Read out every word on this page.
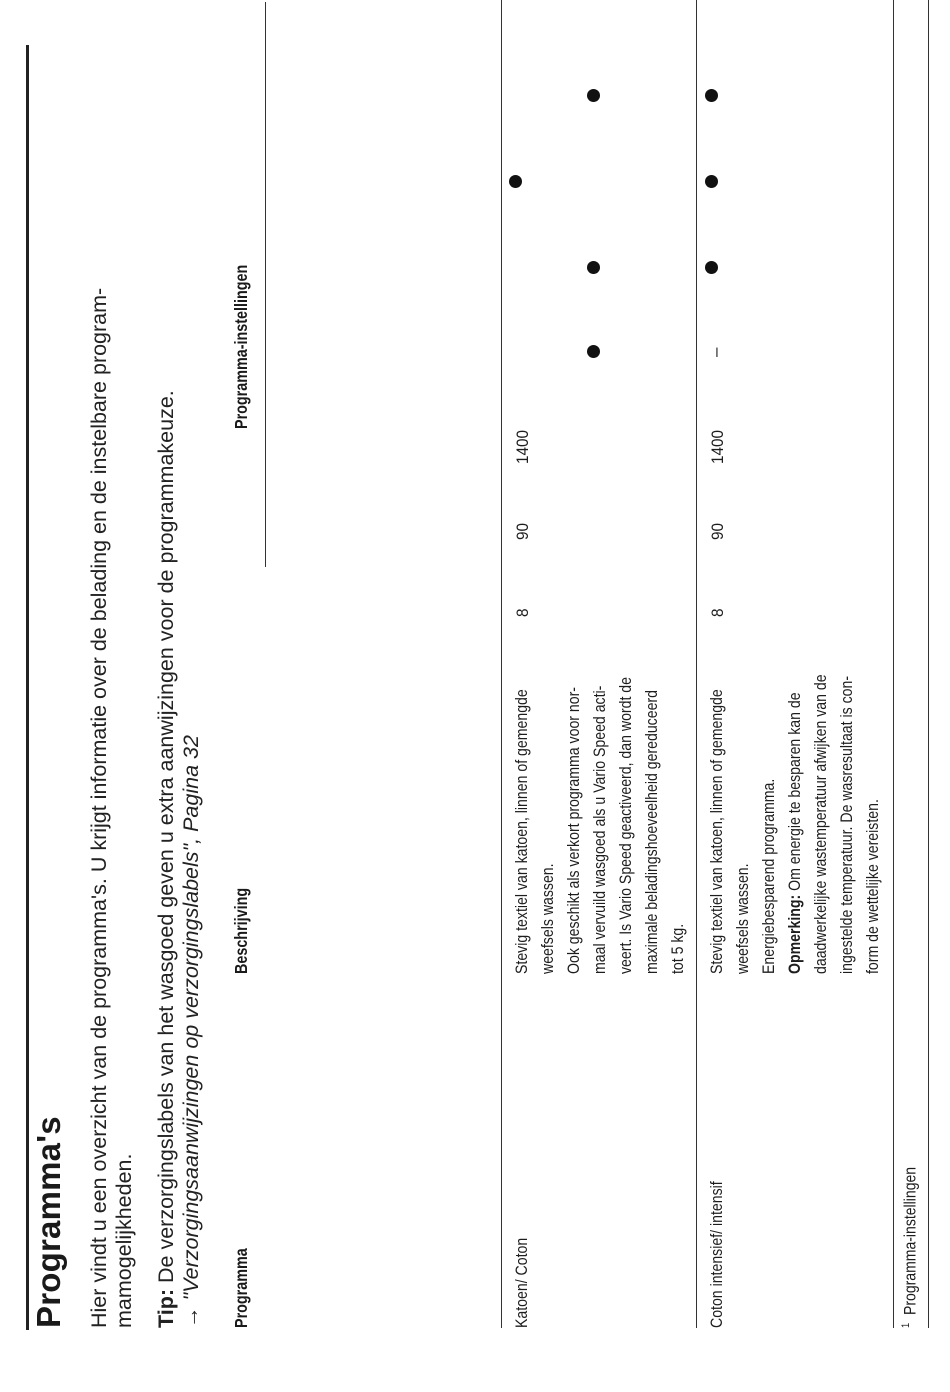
Programma's Hier vindt u een overzicht van de programma's. U krijgt informatie over de belading en de instelbare program- mamogelijkheden. Tip: De verzorgingslabels van het wasgoed geven u extra aanwijzingen voor de programmakeuze.
→ "Verzorgingsaanwijzingen op verzorgingslabels", Pagina 32 Programma
Beschrijving
Programma-instellingen
Katoen/ Coton
Stevig textiel van katoen, linnen of gemengde weefsels wassen. Ook geschikt als verkort programma voor nor- maal vervuild wasgoed als u Vario Speed acti- veert. Is Vario Speed geactiveerd, dan wordt de maximale beladingshoeveelheid gereduceerd tot 5 kg.
8
90
1400
Coton intensief/ intensif
Stevig textiel van katoen, linnen of gemengde weefsels wassen. Energiebesparend programma. Opmerking: Om energie te besparen kan de daadwerkelijke wastemperatuur afwijken van de ingestelde temperatuur. De wasresultaat is con- form de wettelijke vereisten.
8
90
1400
–
$^1$  Programma-instellingen
